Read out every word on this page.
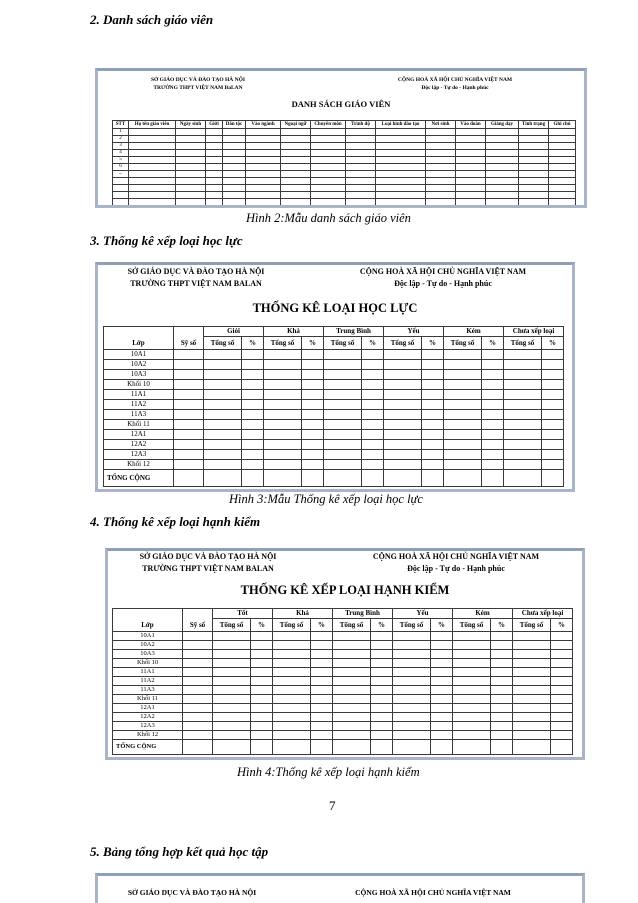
2. Danh sách giáo viên
SỞ GIÁO DỤC VÀ ĐÀO TẠO HÀ NỘI
TRƯỜNG THPT VIỆT NAM BaLAN
CỘNG HOÀ XÃ HỘI CHỦ NGHĨA VIỆT NAM
Độc lập - Tự do - Hạnh phúc
DANH SÁCH GIÁO VIÊN
STT	Họ tên giáo viên	Ngày sinh	Giới	Dân tộc	Vào ngành	Ngoại ngữ	Chuyên môn	Trình độ	Loại hình đào tạo	Nơi sinh	Vào đoàn	Giảng dạy	Tình trạng	Ghi chú
1														
2														
3														
4														
5														
6														
...														

Hình 2:Mẫu danh sách giáo viên
3. Thống kê xếp loại học lực
SỞ GIÁO DỤC VÀ ĐÀO TẠO HÀ NỘI
TRƯỜNG THPT VIỆT NAM BALAN
CỘNG HOÀ XÃ HỘI CHỦ NGHĨA VIỆT NAM
Độc lập - Tự do - Hạnh phúc
THỐNG KÊ LOẠI HỌC LỰC
Lớp	Sỹ số	Giỏi		Khá		Trung Bình		Yếu		Kém		Chưa xếp loại	
		Tổng số	%	Tổng số	%	Tổng số	%	Tổng số	%	Tổng số	%	Tổng số	%
10A1													
10A2													
10A3													
Khối 10													
11A1													
11A2													
11A3													
Khối 11													
12A1													
12A2													
12A3													
Khối 12													
TỔNG CỘNG													
Hình 3:Mẫu Thống kê xếp loại học lực
4. Thống kê xếp loại hạnh kiểm
SỞ GIÁO DỤC VÀ ĐÀO TẠO HÀ NỘI
TRƯỜNG THPT VIỆT NAM BALAN
CỘNG HOÀ XÃ HỘI CHỦ NGHĨA VIỆT NAM
Độc lập - Tự do - Hạnh phúc
THỐNG KÊ XẾP LOẠI HẠNH KIỂM
Lớp	Sỹ số	Tốt		Khá		Trung Bình		Yếu		Kém		Chưa xếp loại	
		Tổng số	%	Tổng số	%	Tổng số	%	Tổng số	%	Tổng số	%	Tổng số	%
10A1													
10A2													
10A3													
Khối 10													
11A1													
11A2													
11A3													
Khối 11													
12A1													
12A2													
12A3													
Khối 12													
TỔNG CỘNG													
Hình 4:Thống kê xếp loại hạnh kiểm
7
5. Bảng tổng hợp kết quả học tập
SỞ GIÁO DỤC VÀ ĐÀO TẠO HÀ NỘI	CỘNG HOÀ XÃ HỘI CHỦ NGHĨA VIỆT NAM
